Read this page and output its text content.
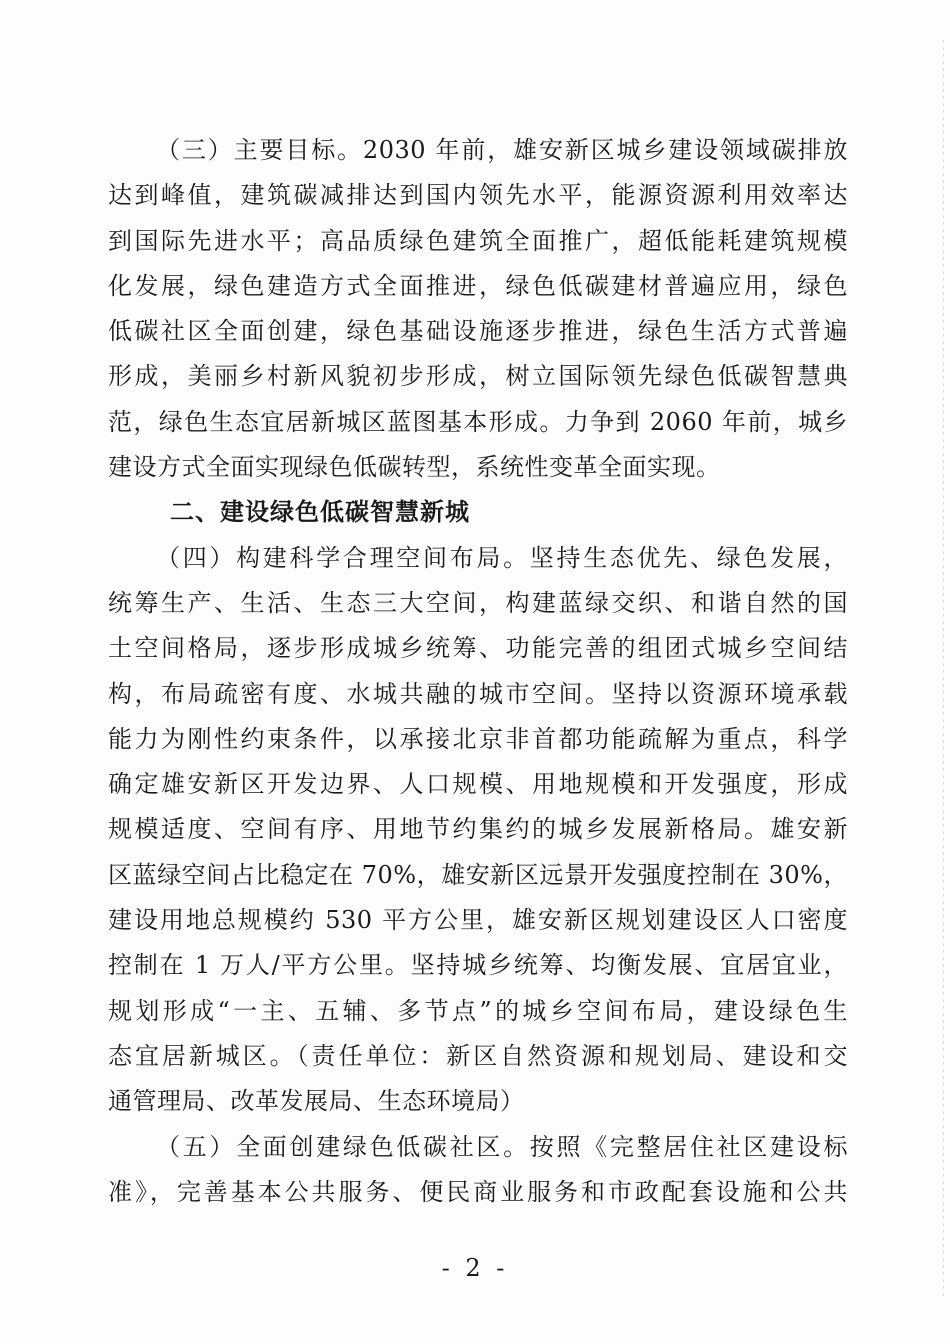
（三）主要目标。2030 年前，雄安新区城乡建设领域碳排放
达到峰值，建筑碳减排达到国内领先水平，能源资源利用效率达
到国际先进水平；高品质绿色建筑全面推广，超低能耗建筑规模
化发展，绿色建造方式全面推进，绿色低碳建材普遍应用，绿色
低碳社区全面创建，绿色基础设施逐步推进，绿色生活方式普遍
形成，美丽乡村新风貌初步形成，树立国际领先绿色低碳智慧典
范，绿色生态宜居新城区蓝图基本形成。力争到 2060 年前，城乡
建设方式全面实现绿色低碳转型，系统性变革全面实现。
二、建设绿色低碳智慧新城
（四）构建科学合理空间布局。坚持生态优先、绿色发展，
统筹生产、生活、生态三大空间，构建蓝绿交织、和谐自然的国
土空间格局，逐步形成城乡统筹、功能完善的组团式城乡空间结
构，布局疏密有度、水城共融的城市空间。坚持以资源环境承载
能力为刚性约束条件，以承接北京非首都功能疏解为重点，科学
确定雄安新区开发边界、人口规模、用地规模和开发强度，形成
规模适度、空间有序、用地节约集约的城乡发展新格局。雄安新
区蓝绿空间占比稳定在 70%，雄安新区远景开发强度控制在 30%，
建设用地总规模约 530 平方公里，雄安新区规划建设区人口密度
控制在 1 万人/平方公里。坚持城乡统筹、均衡发展、宜居宜业，
规划形成“一主、五辅、多节点”的城乡空间布局，建设绿色生
态宜居新城区。（责任单位：新区自然资源和规划局、建设和交
通管理局、改革发展局、生态环境局）
（五）全面创建绿色低碳社区。按照《完整居住社区建设标
准》，完善基本公共服务、便民商业服务和市政配套设施和公共
- 2 -
